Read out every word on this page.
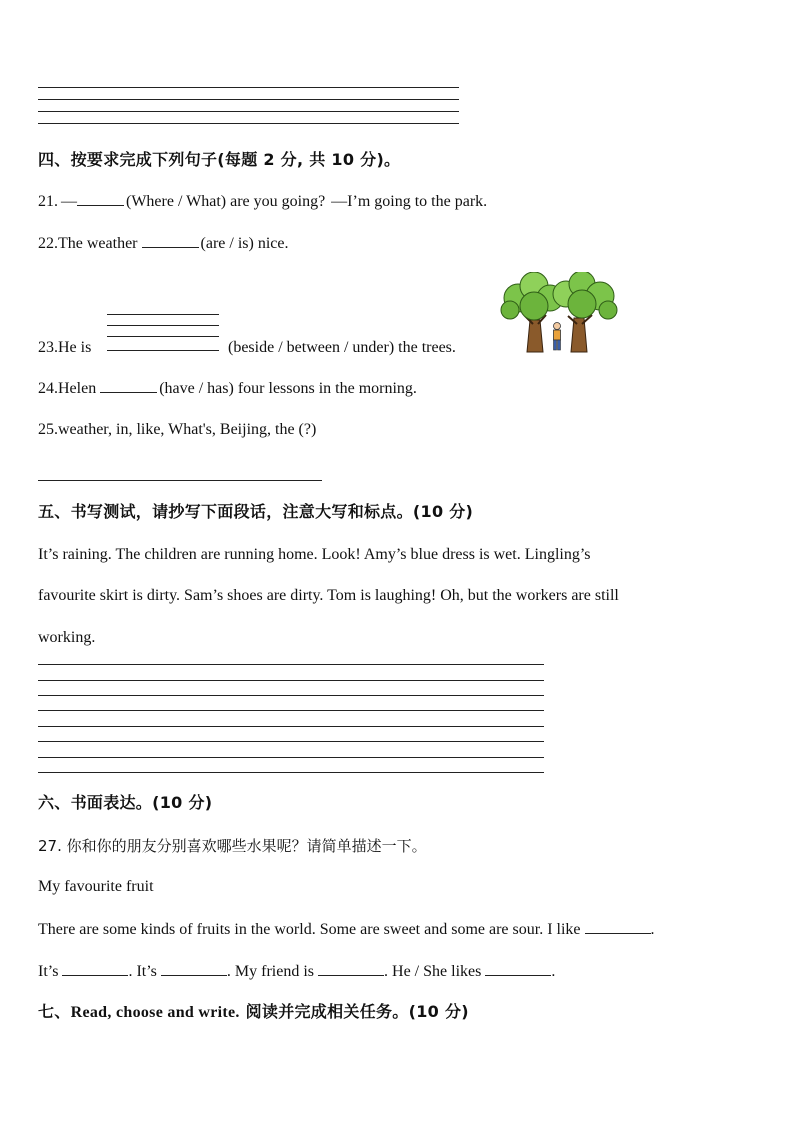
四、按要求完成下列句子(每题 2 分, 共 10 分)。
21. —	(Where / What) are you going? —I’m going to the park.
22.The weather	(are / is) nice.
23.He is	(beside / between / under) the trees.
24.Helen	(have / has) four lessons in the morning.
25.weather, in, like, What's, Beijing, the (?)
五、书写测试，请抄写下面段话，注意大写和标点。(10 分)
It’s raining. The children are running home. Look! Amy’s blue dress is wet. Lingling’s
favourite skirt is dirty. Sam’s shoes are dirty. Tom is laughing! Oh, but the workers are still
working.
六、书面表达。(10 分)
27. 你和你的朋友分别喜欢哪些水果呢？请简单描述一下。
My favourite fruit
There are some kinds of fruits in the world. Some are sweet and some are sour. I like	.
It’s	. It’s	. My friend is	. He / She likes	.
七、Read, choose and write. 阅读并完成相关任务。(10 分)
